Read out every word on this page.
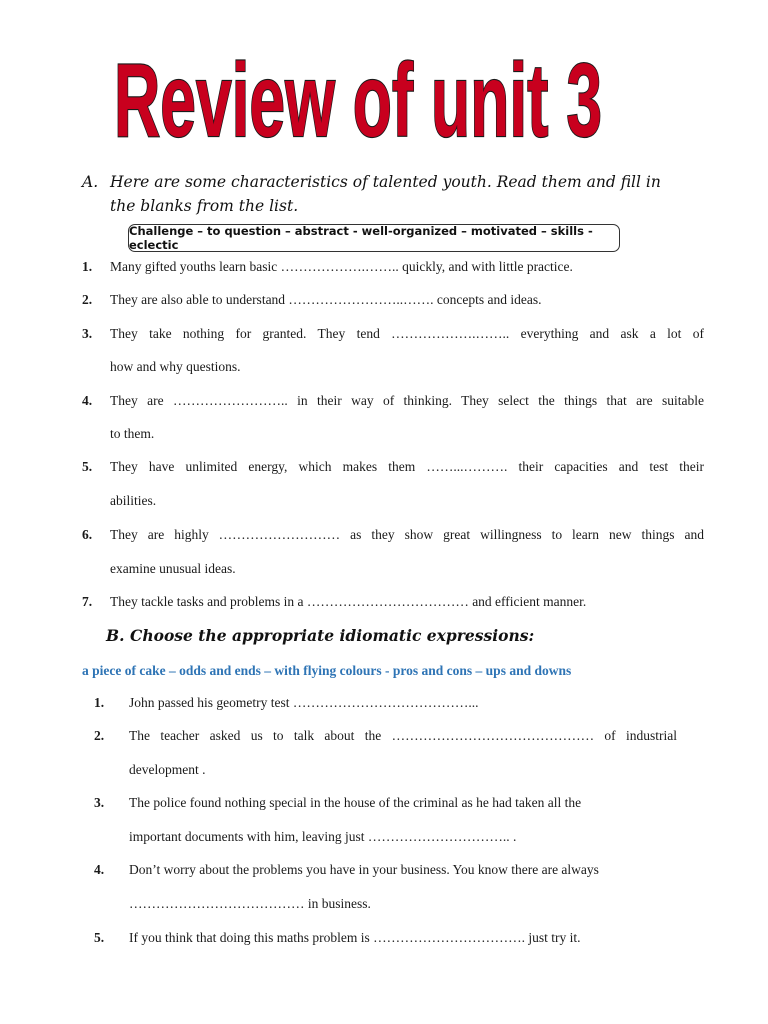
Review of unit 3
A. Here are some characteristics of talented youth. Read them and fill in
the blanks from the list.
Challenge – to question – abstract - well-organized – motivated – skills - eclectic
1. Many gifted youths learn basic ……………….…….. quickly, and with little practice.
2. They are also able to understand ……………………..……. concepts and ideas.
3. They take nothing for granted. They tend ……………….…….. everything and ask a lot of
how and why questions.
4. They are …………………….. in their way of thinking. They select the things that are suitable
to them.
5. They have unlimited energy, which makes them ……...………. their capacities and test their
abilities.
6. They are highly ……………………… as they show great willingness to learn new things and
examine unusual ideas.
7. They tackle tasks and problems in a ……………………………… and efficient manner.
B. Choose the appropriate idiomatic expressions:
a piece of cake – odds and ends – with flying colours - pros and cons – ups and downs
1. John passed his geometry test …………………………………...
2. The teacher asked us to talk about the ……………………………………… of industrial
development .
3. The police found nothing special in the house of the criminal as he had taken all the
important documents with him, leaving just ………………………….. .
4. Don’t worry about the problems you have in your business. You know there are always
………………………………… in business.
5. If you think that doing this maths problem is ……………………………. just try it.
